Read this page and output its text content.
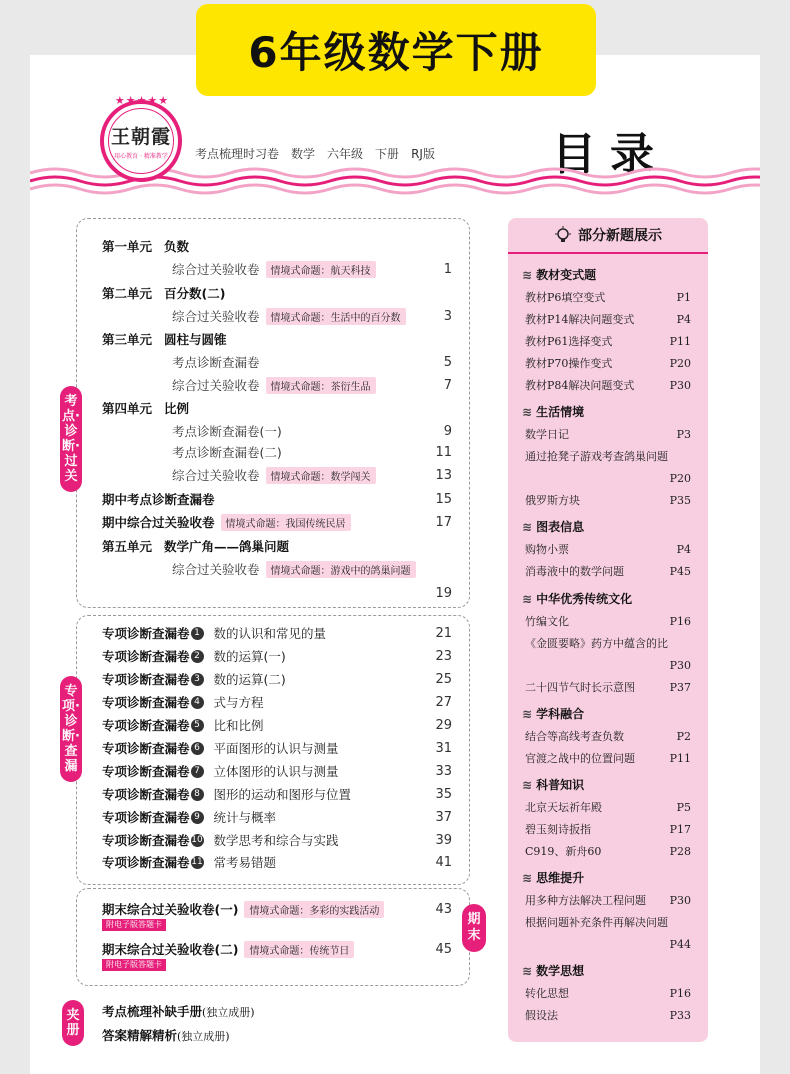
6年级数学下册
★★★★★
王朝霞
用心教育 · 精准教学 考点梳理时习卷 数学 六年级 下册 RJ版	目录
考点·诊断·过关
专项·诊断·查漏
期末
夹册
第一单元 负数
综合过关验收卷	情境式命题：航天科技	1
第二单元 百分数(二)
综合过关验收卷	情境式命题：生活中的百分数	3
第三单元 圆柱与圆锥
考点诊断查漏卷	5
综合过关验收卷	情境式命题：茶衍生品	7
第四单元 比例
考点诊断查漏卷(一)	9
考点诊断查漏卷(二)	11
综合过关验收卷	情境式命题：数学闯关	13
期中考点诊断查漏卷	15
期中综合过关验收卷	情境式命题：我国传统民居	17
第五单元 数学广角——鸽巢问题
综合过关验收卷	情境式命题：游戏中的鸽巢问题
19
专项诊断查漏卷 1 数的认识和常见的量	21
专项诊断查漏卷 2 数的运算(一)	23
专项诊断查漏卷 3 数的运算(二)	25
专项诊断查漏卷 4 式与方程	27
专项诊断查漏卷 5 比和比例	29
专项诊断查漏卷 6 平面图形的认识与测量	31
专项诊断查漏卷 7 立体图形的认识与测量	33
专项诊断查漏卷 8 图形的运动和图形与位置	35
专项诊断查漏卷 9 统计与概率	37
专项诊断查漏卷 10 数学思考和综合与实践	39
专项诊断查漏卷 11 常考易错题	41
期末综合过关验收卷(一)	情境式命题：多彩的实践活动	43
附电子版答题卡
期末综合过关验收卷(二)	情境式命题：传统节日	45
附电子版答题卡
考点梳理补缺手册(独立成册)
答案精解精析(独立成册)
部分新题展示
≋ 教材变式题
教材P6填空变式	P1
教材P14解决问题变式	P4
教材P61选择变式	P11
教材P70操作变式	P20
教材P84解决问题变式	P30
≋ 生活情境
数学日记	P3
通过抢凳子游戏考查鸽巢问题
P20
俄罗斯方块	P35
≋ 图表信息
购物小票	P4
消毒液中的数学问题	P45
≋ 中华优秀传统文化
竹编文化	P16
《金匮要略》药方中蕴含的比
P30
二十四节气时长示意图	P37
≋ 学科融合
结合等高线考查负数	P2
官渡之战中的位置问题	P11
≋ 科普知识
北京天坛祈年殿	P5
碧玉刻诗扳指	P17
C919、新舟60	P28
≋ 思维提升
用多种方法解决工程问题 P30
根据问题补充条件再解决问题
P44
≋ 数学思想
转化思想	P16
假设法	P33
